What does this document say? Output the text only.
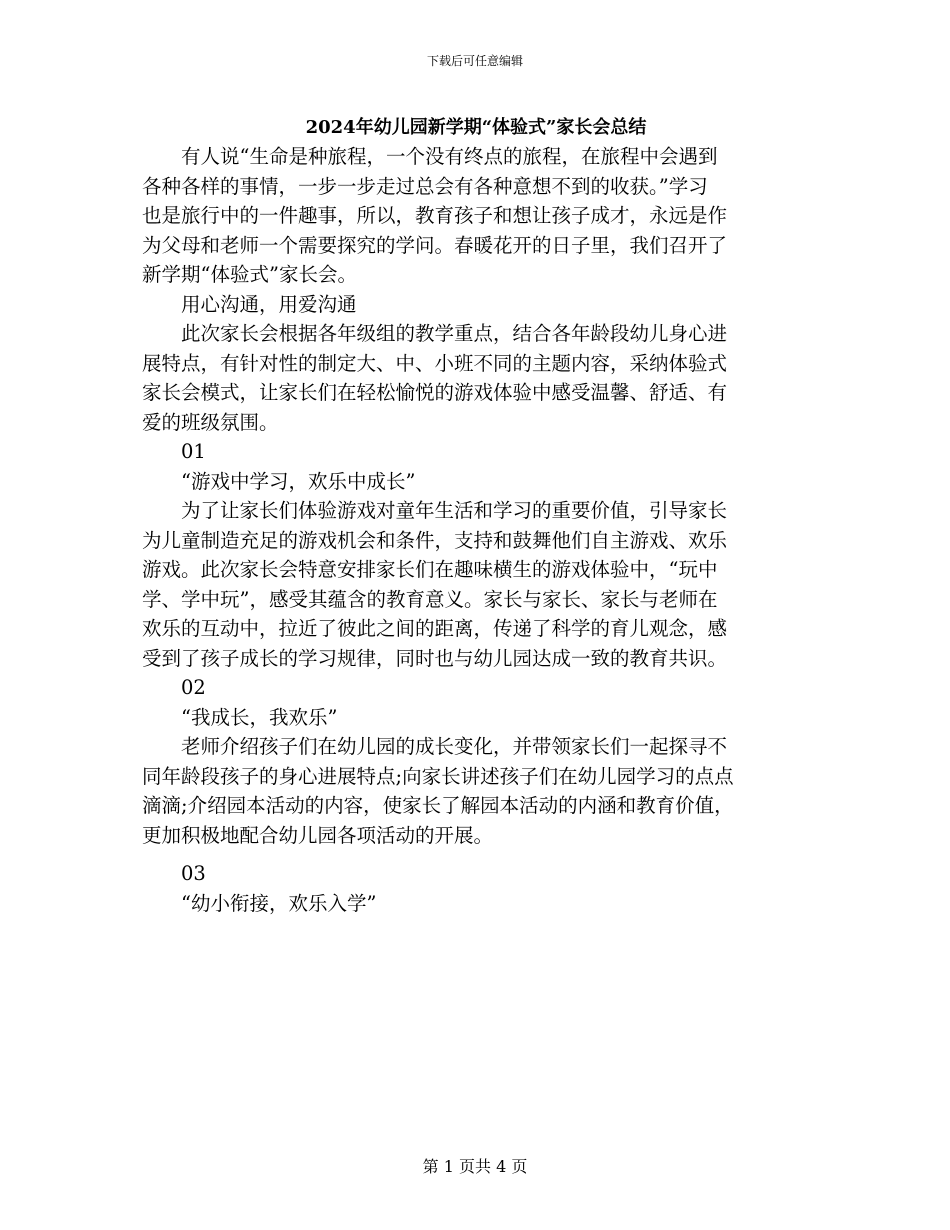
下载后可任意编辑
2024年幼儿园新学期“体验式”家长会总结

有人说“生命是种旅程，一个没有终点的旅程，在旅程中会遇到
各种各样的事情，一步一步走过总会有各种意想不到的收获。”学习
也是旅行中的一件趣事，所以，教育孩子和想让孩子成才，永远是作
为父母和老师一个需要探究的学问。春暖花开的日子里，我们召开了
新学期“体验式”家长会。

用心沟通，用爱沟通

此次家长会根据各年级组的教学重点，结合各年龄段幼儿身心进
展特点，有针对性的制定大、中、小班不同的主题内容，采纳体验式
家长会模式，让家长们在轻松愉悦的游戏体验中感受温馨、舒适、有
爱的班级氛围。

01

“游戏中学习，欢乐中成长”

为了让家长们体验游戏对童年生活和学习的重要价值，引导家长
为儿童制造充足的游戏机会和条件，支持和鼓舞他们自主游戏、欢乐
游戏。此次家长会特意安排家长们在趣味横生的游戏体验中，“玩中
学、学中玩”，感受其蕴含的教育意义。家长与家长、家长与老师在
欢乐的互动中，拉近了彼此之间的距离，传递了科学的育儿观念，感
受到了孩子成长的学习规律，同时也与幼儿园达成一致的教育共识。

02

“我成长，我欢乐”

老师介绍孩子们在幼儿园的成长变化，并带领家长们一起探寻不
同年龄段孩子的身心进展特点;向家长讲述孩子们在幼儿园学习的点点
滴滴;介绍园本活动的内容，使家长了解园本活动的内涵和教育价值，
更加积极地配合幼儿园各项活动的开展。

03

“幼小衔接，欢乐入学”

第 1 页共 4 页
